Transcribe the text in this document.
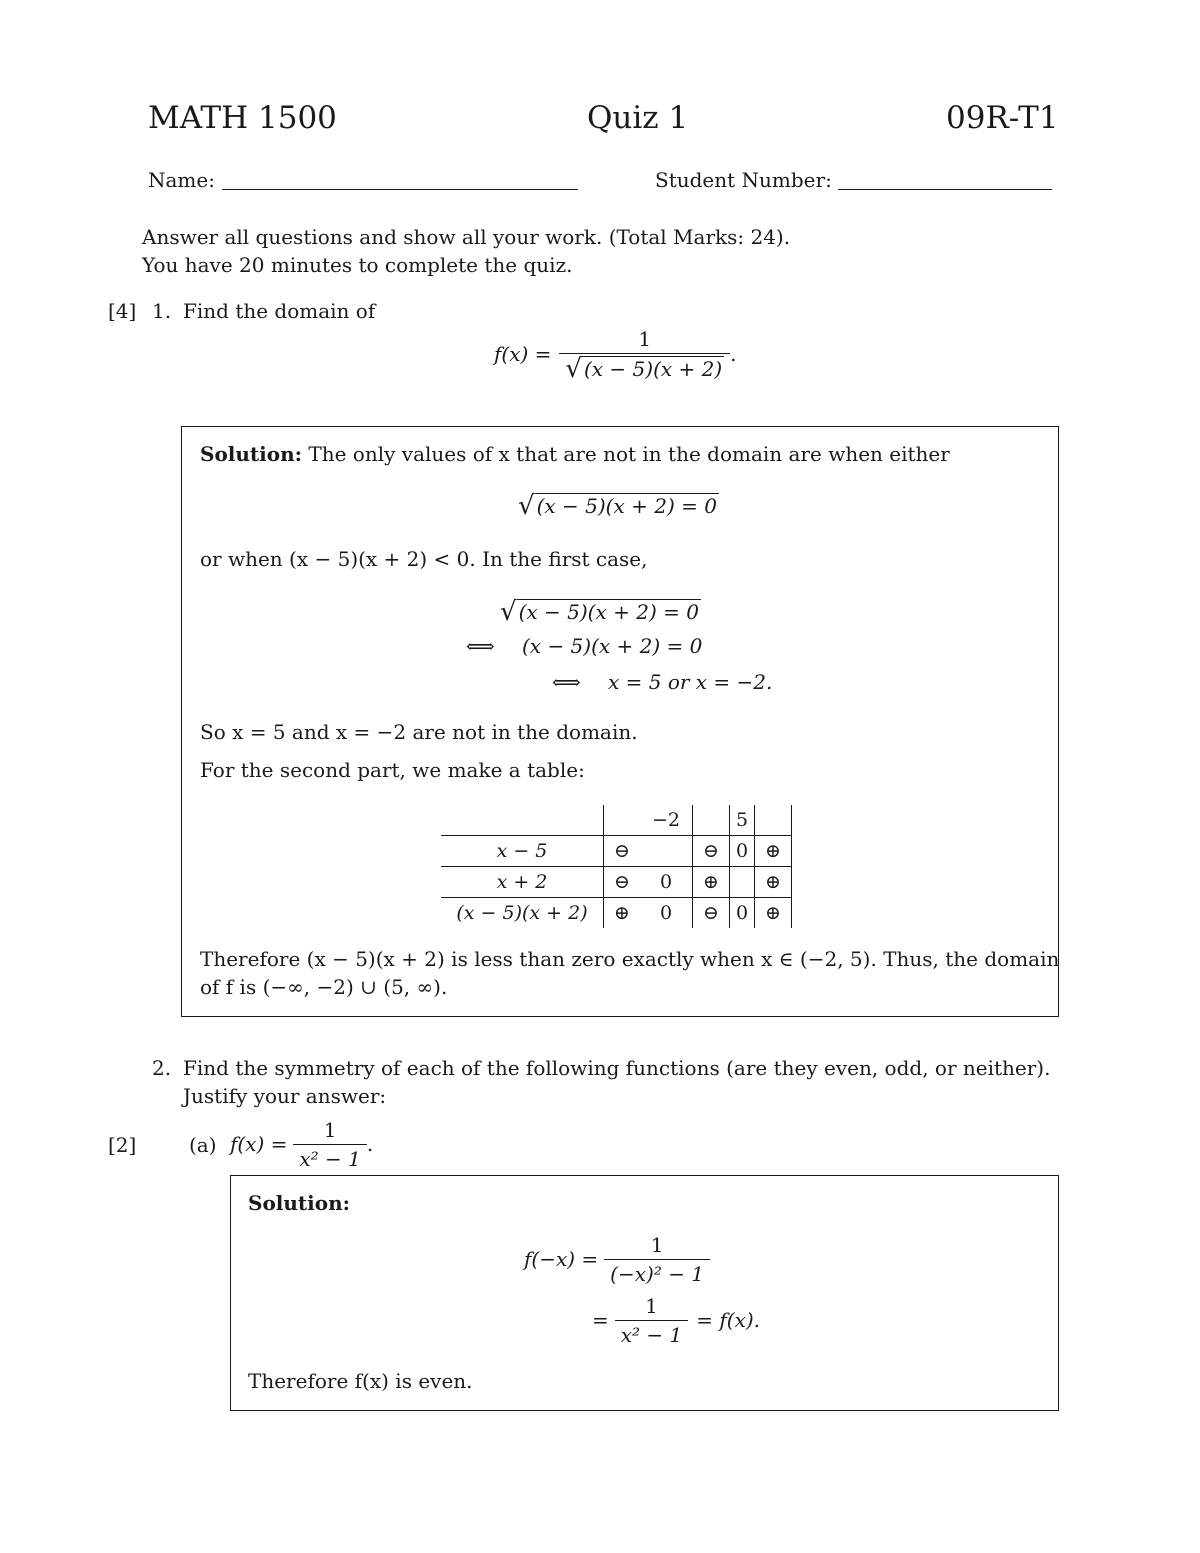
MATH 1500	Quiz 1	09R-T1
Name:	Student Number:
Answer all questions and show all your work. (Total Marks: 24).
You have 20 minutes to complete the quiz.
[4] 1. Find the domain of
$f(x) = \frac{1}{√ (x - 5)(x + 2)}$ .
Solution: The only values of x that are not in the domain are when either
√ (x − 5)(x + 2) = 0
or when (x − 5)(x + 2) < 0. In the first case,
√ (x − 5)(x + 2) = 0
⟺ (x − 5)(x + 2) = 0
⟺ x = 5 or x = −2.
So x = 5 and x = −2 are not in the domain.
For the second part, we make a table:
		−2		5	
x − 5	⊖		⊖	0	⊕
x + 2	⊖	0	⊕		⊕
(x − 5)(x + 2)	⊕	0	⊖	0	⊕
Therefore (x − 5)(x + 2) is less than zero exactly when x ∈ (−2, 5). Thus, the domain
of f is (−∞, −2) ∪ (5, ∞).
2. Find the symmetry of each of the following functions (are they even, odd, or neither).
Justify your answer:
[2]	(a) $f(x) = \frac{1}{\text{x² − 1}}$ .
Solution:
$f(-x) = \frac{1}{\text{(−x)² − 1}}$
= $\frac{1}{\text{x² − 1}} = f(x)$.
Therefore f(x) is even.
